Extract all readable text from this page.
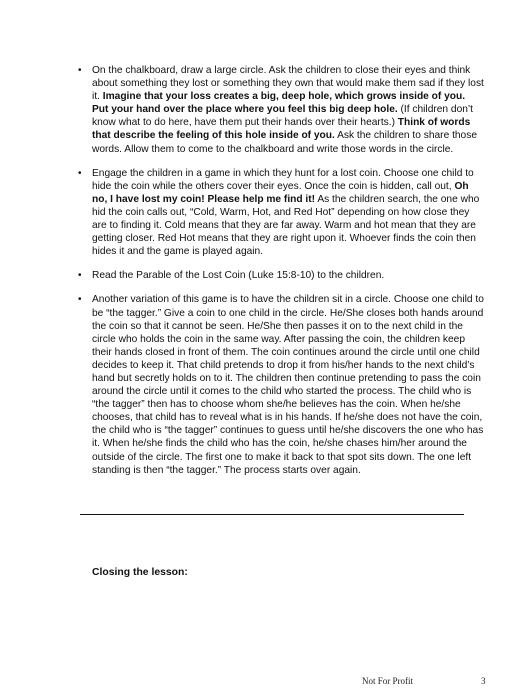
• On the chalkboard, draw a large circle. Ask the children to close their eyes and think about something they lost or something they own that would make them sad if they lost it. Imagine that your loss creates a big, deep hole, which grows inside of you. Put your hand over the place where you feel this big deep hole. (If children don’t know what to do here, have them put their hands over their hearts.) Think of words that describe the feeling of this hole inside of you. Ask the children to share those words. Allow them to come to the chalkboard and write those words in the circle.
• Engage the children in a game in which they hunt for a lost coin. Choose one child to hide the coin while the others cover their eyes. Once the coin is hidden, call out, Oh no, I have lost my coin! Please help me find it! As the children search, the one who hid the coin calls out, “Cold, Warm, Hot, and Red Hot” depending on how close they are to finding it. Cold means that they are far away. Warm and hot mean that they are getting closer. Red Hot means that they are right upon it. Whoever finds the coin then hides it and the game is played again.
• Read the Parable of the Lost Coin (Luke 15:8-10) to the children.
• Another variation of this game is to have the children sit in a circle. Choose one child to be “the tagger.” Give a coin to one child in the circle. He/She closes both hands around the coin so that it cannot be seen. He/She then passes it on to the next child in the circle who holds the coin in the same way. After passing the coin, the children keep their hands closed in front of them. The coin continues around the circle until one child decides to keep it. That child pretends to drop it from his/her hands to the next child’s hand but secretly holds on to it. The children then continue pretending to pass the coin around the circle until it comes to the child who started the process. The child who is “the tagger” then has to choose whom she/he believes has the coin. When he/she chooses, that child has to reveal what is in his hands. If he/she does not have the coin, the child who is “the tagger” continues to guess until he/she discovers the one who has it. When he/she finds the child who has the coin, he/she chases him/her around the outside of the circle. The first one to make it back to that spot sits down. The one left standing is then “the tagger.” The process starts over again.
Closing the lesson:
Not For Profit	3
